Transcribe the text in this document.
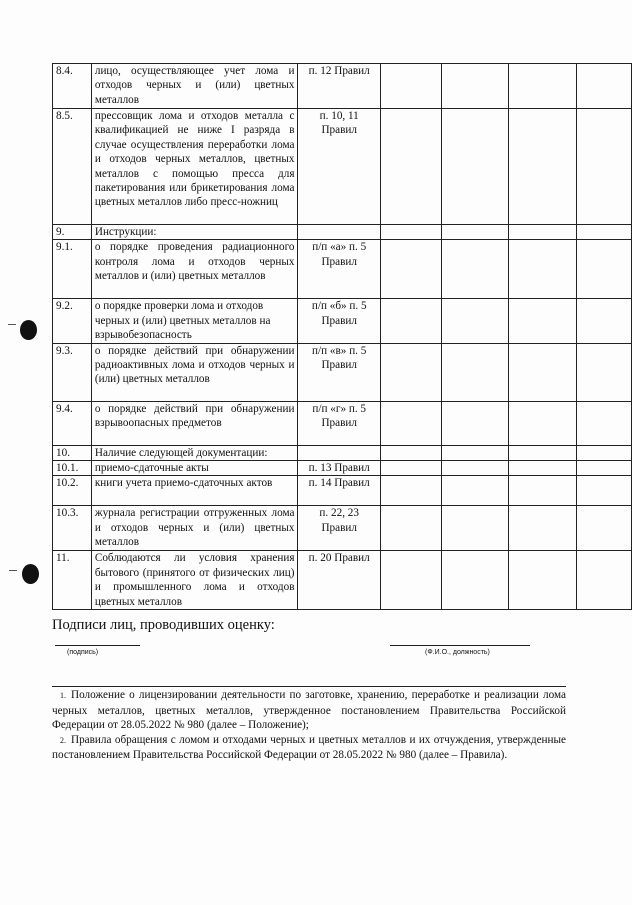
8.4.	лицо, осуществляющее учет лома и отходов черных и (или) цветных металлов	п. 12 Правил				
8.5.	прессовщик лома и отходов металла с квалификацией не ниже I разряда в случае осуществления переработки лома и отходов черных металлов, цветных металлов с помощью пресса для пакетирования или брикетирования лома цветных металлов либо пресс-ножниц	п. 10, 11 Правил				
9.	Инструкции:					
9.1.	о порядке проведения радиационного контроля лома и отходов черных металлов и (или) цветных металлов	п/п «а» п. 5 Правил				
9.2.	о порядке проверки лома и отходов черных и (или) цветных металлов на взрывобезопасность	п/п «б» п. 5 Правил				
9.3.	о порядке действий при обнаружении радиоактивных лома и отходов черных и (или) цветных металлов	п/п «в» п. 5 Правил				
9.4.	о порядке действий при обнаружении взрывоопасных предметов	п/п «г» п. 5 Правил				
10.	Наличие следующей документации:					
10.1.	приемо-сдаточные акты	п. 13 Правил				
10.2.	книги учета приемо-сдаточных актов	п. 14 Правил				
10.3.	журнала регистрации отгруженных лома и отходов черных и (или) цветных металлов	п. 22, 23 Правил				
11.	Соблюдаются ли условия хранения бытового (принятого от физических лиц) и промышленного лома и отходов цветных металлов	п. 20 Правил				
Подписи лиц, проводивших оценку:
(подпись)	(Ф.И.О., должность)

1. Положение о лицензировании деятельности по заготовке, хранению, переработке и реализации лома черных металлов, цветных металлов, утвержденное постановлением Правительства Российской Федерации от 28.05.2022 № 980 (далее – Положение);

2. Правила обращения с ломом и отходами черных и цветных металлов и их отчуждения, утвержденные постановлением Правительства Российской Федерации от 28.05.2022 № 980 (далее – Правила).
